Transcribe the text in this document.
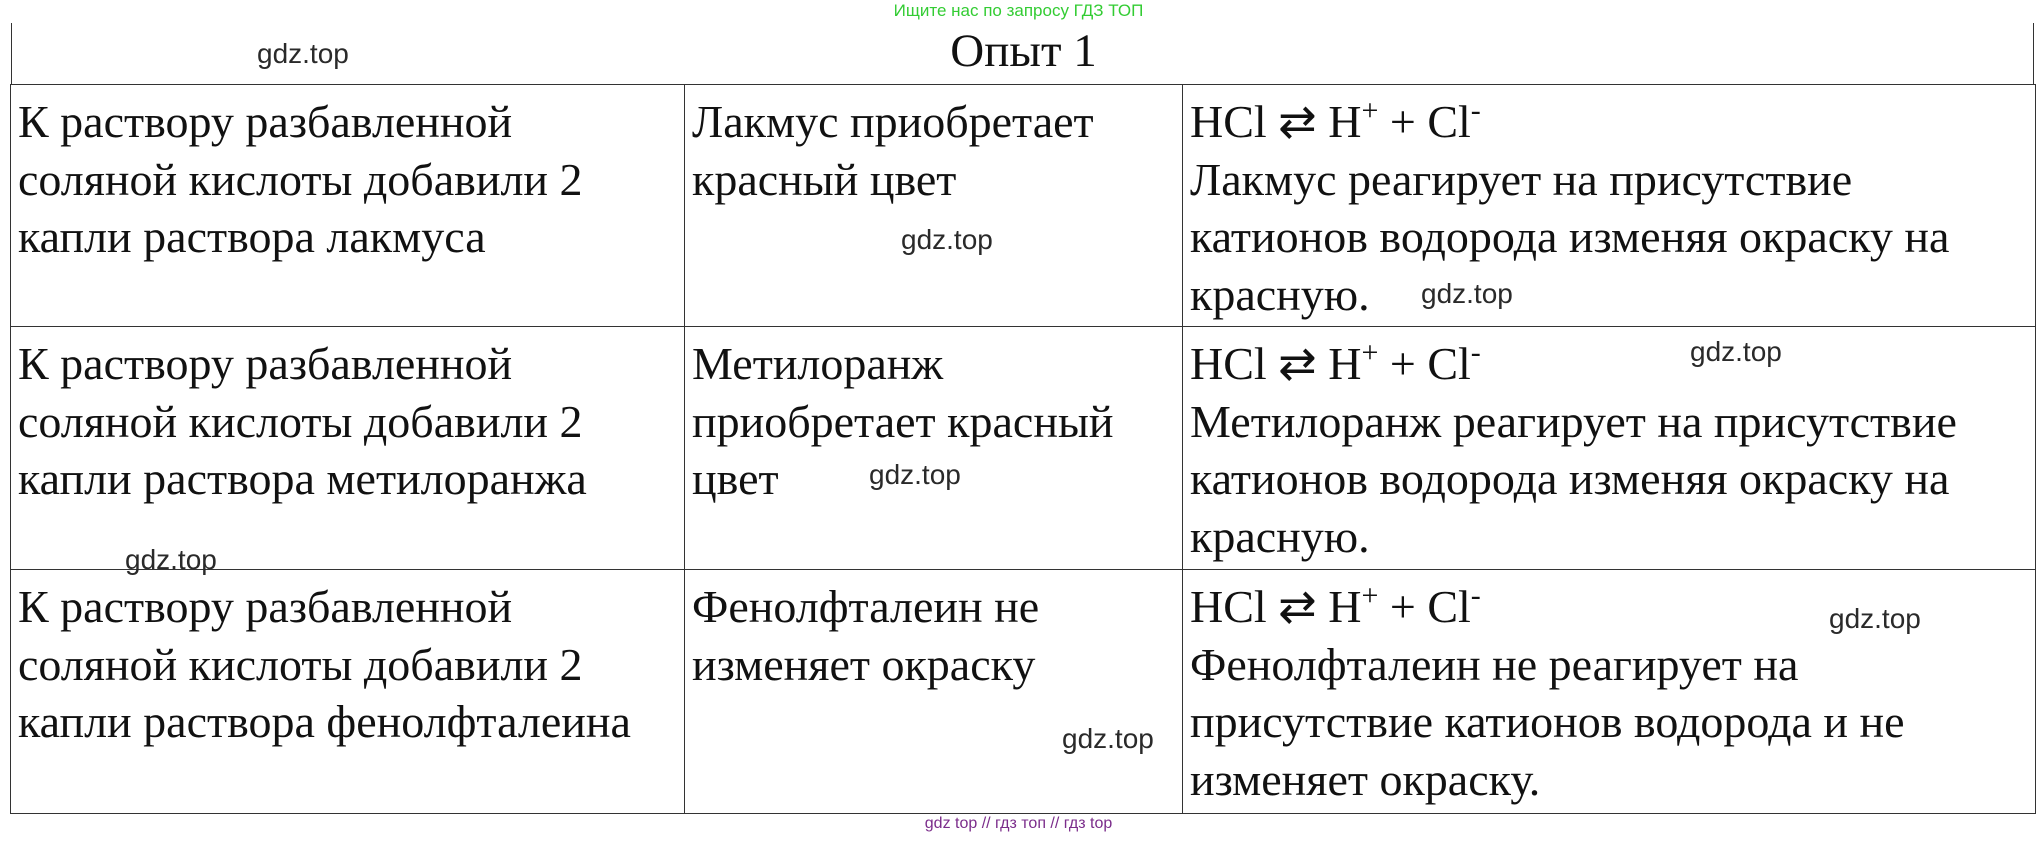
Ищите нас по запросу ГДЗ ТОП
Опыт 1
К раствору разбавленной соляной кислоты добавили 2 капли раствора лакмуса	Лакмус приобретает красный цвет	HCl ⇄ H+ + Cl-
Лакмус реагирует на присутствие катионов водорода изменяя окраску на красную.
К раствору разбавленной соляной кислоты добавили 2 капли раствора метилоранжа	Метилоранж приобретает красный цвет	HCl ⇄ H+ + Cl-
Метилоранж реагирует на присутствие катионов водорода изменяя окраску на красную.
К раствору разбавленной соляной кислоты добавили 2 капли раствора фенолфталеина	Фенолфталеин не изменяет окраску	HCl ⇄ H+ + Cl-
Фенолфталеин не реагирует на присутствие катионов водорода и не изменяет окраску.
gdz.top
gdz.top
gdz.top
gdz.top
gdz.top
gdz.top
gdz.top
gdz.top
gdz top // гдз топ // гдз top
